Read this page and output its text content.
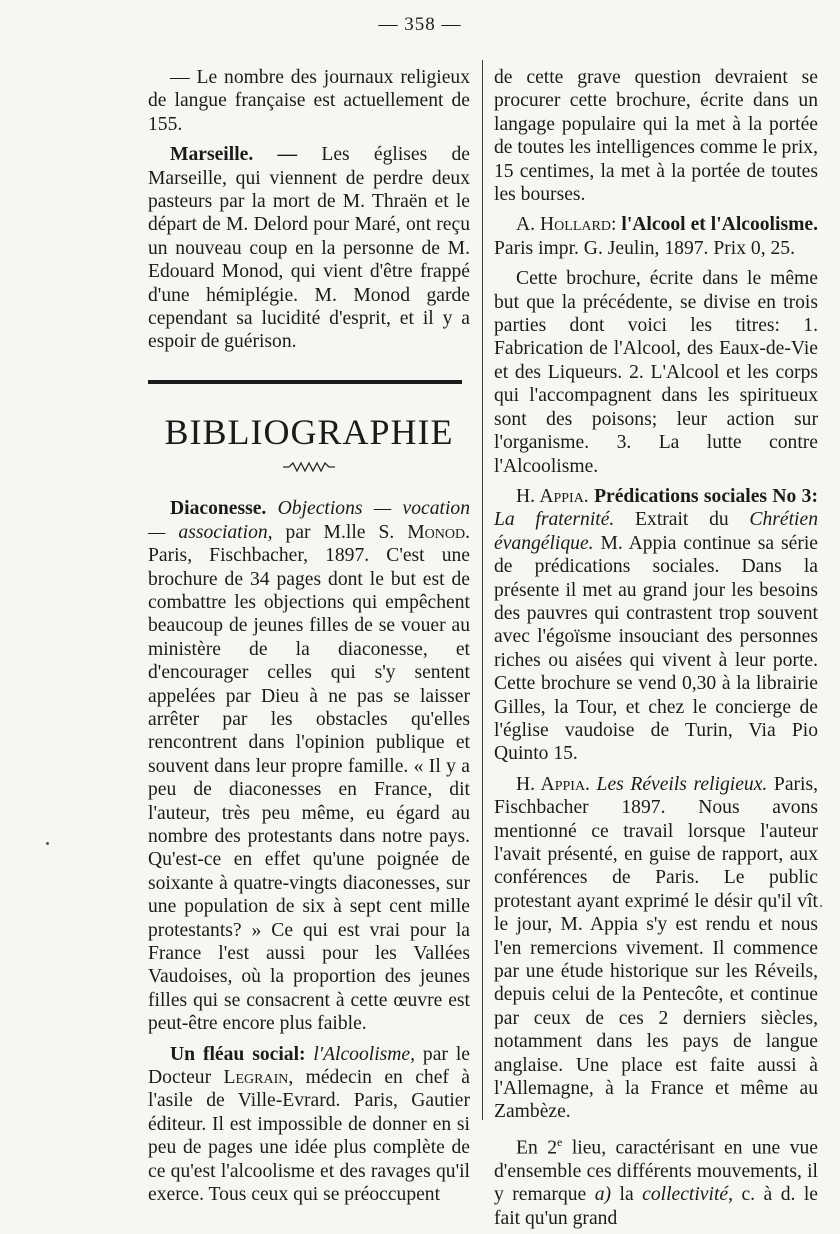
— 358 —

— Le nombre des journaux religieux de langue française est actuellement de 155.

Marseille. — Les églises de Marseille, qui viennent de perdre deux pasteurs par la mort de M. Thraën et le départ de M. Delord pour Maré, ont reçu un nouveau coup en la personne de M. Edouard Monod, qui vient d'être frappé d'une hémiplégie. M. Monod garde cependant sa lucidité d'esprit, et il y a espoir de guérison.

BIBLIOGRAPHIE

Diaconesse. Objections — vocation — association, par M.lle S. Monod. Paris, Fischbacher, 1897. C'est une brochure de 34 pages dont le but est de combattre les objections qui empêchent beaucoup de jeunes filles de se vouer au ministère de la diaconesse, et d'encourager celles qui s'y sentent appelées par Dieu à ne pas se laisser arrêter par les obstacles qu'elles rencontrent dans l'opinion publique et souvent dans leur propre famille. « Il y a peu de diaconesses en France, dit l'auteur, très peu même, eu égard au nombre des protestants dans notre pays. Qu'est-ce en effet qu'une poignée de soixante à quatre-vingts diaconesses, sur une population de six à sept cent mille protestants? » Ce qui est vrai pour la France l'est aussi pour les Vallées Vaudoises, où la proportion des jeunes filles qui se consacrent à cette œuvre est peut-être encore plus faible.

Un fléau social: l'Alcoolisme, par le Docteur Legrain, médecin en chef à l'asile de Ville-Evrard. Paris, Gautier éditeur. Il est impossible de donner en si peu de pages une idée plus complète de ce qu'est l'alcoolisme et des ravages qu'il exerce. Tous ceux qui se préoccupent

de cette grave question devraient se procurer cette brochure, écrite dans un langage populaire qui la met à la portée de toutes les intelligences comme le prix, 15 centimes, la met à la portée de toutes les bourses.

A. Hollard: l'Alcool et l'Alcoolisme. Paris impr. G. Jeulin, 1897. Prix 0, 25.

Cette brochure, écrite dans le même but que la précédente, se divise en trois parties dont voici les titres: 1. Fabrication de l'Alcool, des Eaux-de-Vie et des Liqueurs. 2. L'Alcool et les corps qui l'accompagnent dans les spiritueux sont des poisons; leur action sur l'organisme. 3. La lutte contre l'Alcoolisme.

H. Appia. Prédications sociales No 3: La fraternité. Extrait du Chrétien évangélique. M. Appia continue sa série de prédications sociales. Dans la présente il met au grand jour les besoins des pauvres qui contrastent trop souvent avec l'égoïsme insouciant des personnes riches ou aisées qui vivent à leur porte. Cette brochure se vend 0,30 à la librairie Gilles, la Tour, et chez le concierge de l'église vaudoise de Turin, Via Pio Quinto 15.

H. Appia. Les Réveils religieux. Paris, Fischbacher 1897. Nous avons mentionné ce travail lorsque l'auteur l'avait présenté, en guise de rapport, aux conférences de Paris. Le public protestant ayant exprimé le désir qu'il vît le jour, M. Appia s'y est rendu et nous l'en remercions vivement. Il commence par une étude historique sur les Réveils, depuis celui de la Pentecôte, et continue par ceux de ces 2 derniers siècles, notamment dans les pays de langue anglaise. Une place est faite aussi à l'Allemagne, à la France et même au Zambèze.

En 2e lieu, caractérisant en une vue d'ensemble ces différents mouvements, il y remarque a) la collectivité, c. à d. le fait qu'un grand
